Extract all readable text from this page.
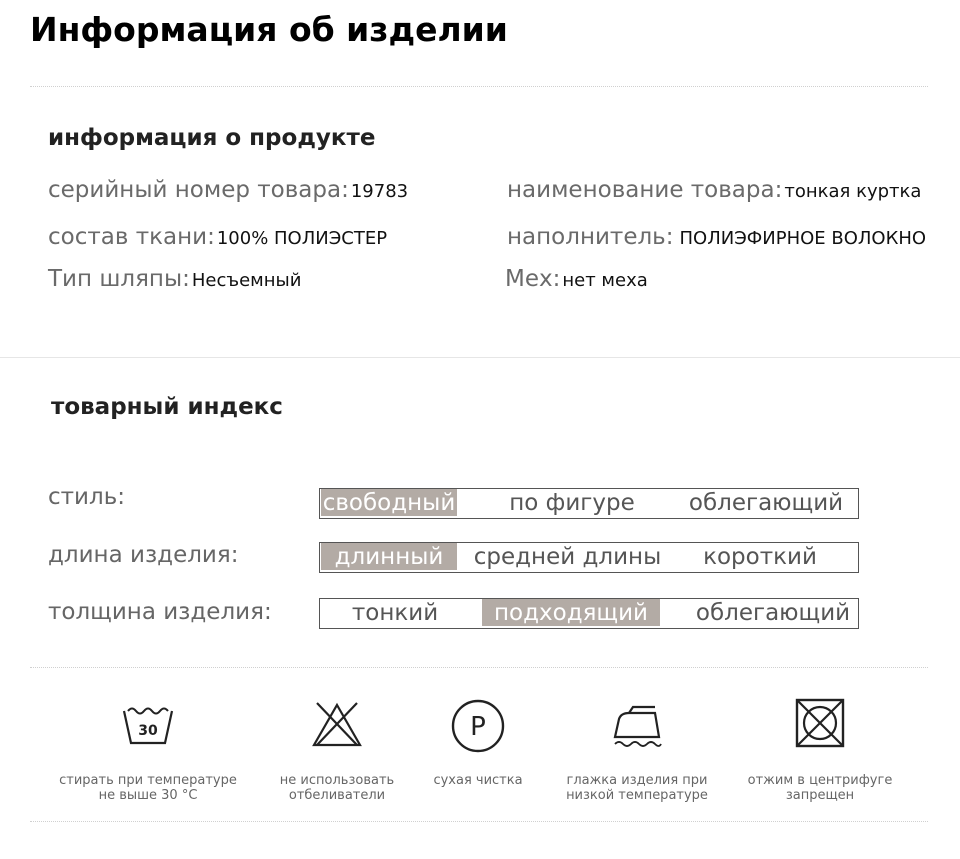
Информация об изделии
информация о продукте
серийный номер товара: 19783	наименование товара: тонкая куртка
состав ткани: 100% ПОЛИЭСТЕР	наполнитель: ПОЛИЭФИРНОЕ ВОЛОКНО
Тип шляпы: Несъемный	Мех: нет меха
товарный индекс
стиль:	свободный	по фигуре	облегающий
длина изделия:	длинный	средней длины	короткий
толщина изделия:	тонкий	подходящий	облегающий
30
стирать при температуре
не выше 30 °C
не использовать
отбеливатели
P
сухая чистка	глажка изделия при
низкой температуре
отжим в центрифуге
запрещен
